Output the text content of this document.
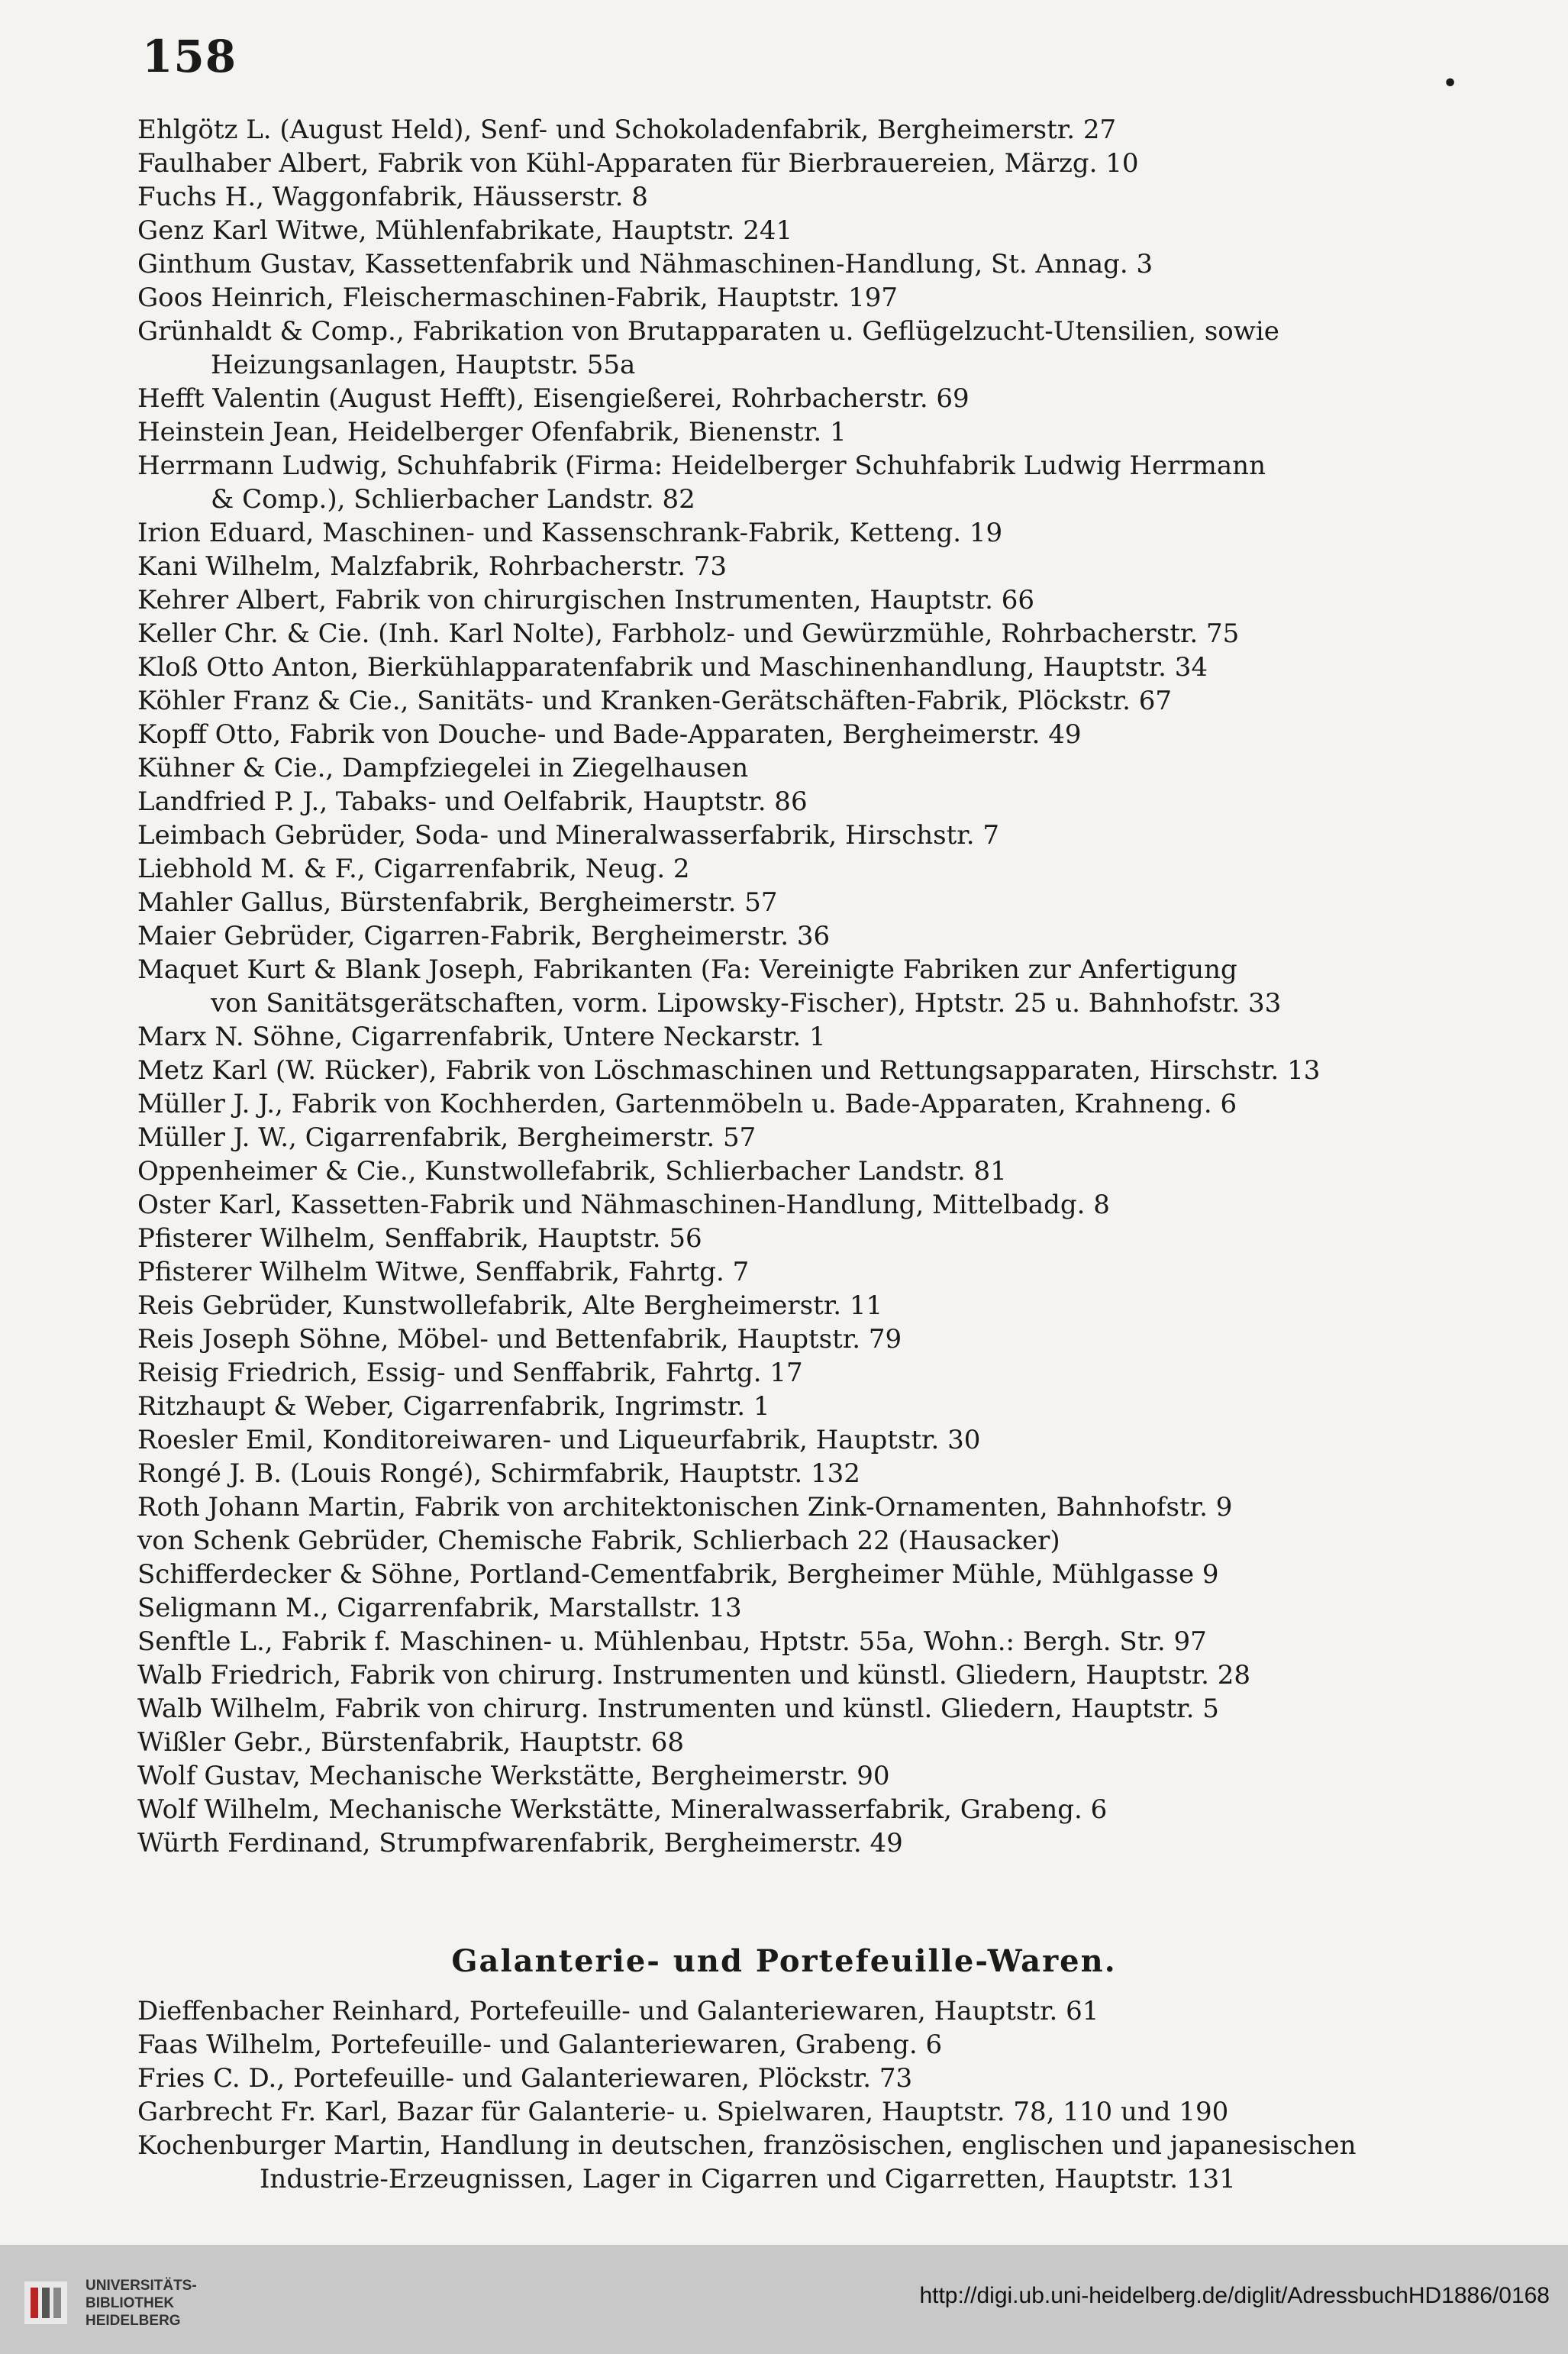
158
•
Ehlgötz L. (August Held), Senf- und Schokoladenfabrik, Bergheimerstr. 27
Faulhaber Albert, Fabrik von Kühl-Apparaten für Bierbrauereien, Märzg. 10
Fuchs H., Waggonfabrik, Häusserstr. 8
Genz Karl Witwe, Mühlenfabrikate, Hauptstr. 241
Ginthum Gustav, Kassettenfabrik und Nähmaschinen-Handlung, St. Annag. 3
Goos Heinrich, Fleischermaschinen-Fabrik, Hauptstr. 197
Grünhaldt & Comp., Fabrikation von Brutapparaten u. Geflügelzucht-Utensilien, sowie
Heizungsanlagen, Hauptstr. 55a
Hefft Valentin (August Hefft), Eisengießerei, Rohrbacherstr. 69
Heinstein Jean, Heidelberger Ofenfabrik, Bienenstr. 1
Herrmann Ludwig, Schuhfabrik (Firma: Heidelberger Schuhfabrik Ludwig Herrmann
& Comp.), Schlierbacher Landstr. 82
Irion Eduard, Maschinen- und Kassenschrank-Fabrik, Ketteng. 19
Kani Wilhelm, Malzfabrik, Rohrbacherstr. 73
Kehrer Albert, Fabrik von chirurgischen Instrumenten, Hauptstr. 66
Keller Chr. & Cie. (Inh. Karl Nolte), Farbholz- und Gewürzmühle, Rohrbacherstr. 75
Kloß Otto Anton, Bierkühlapparatenfabrik und Maschinenhandlung, Hauptstr. 34
Köhler Franz & Cie., Sanitäts- und Kranken-Gerätschäften-Fabrik, Plöckstr. 67
Kopff Otto, Fabrik von Douche- und Bade-Apparaten, Bergheimerstr. 49
Kühner & Cie., Dampfziegelei in Ziegelhausen
Landfried P. J., Tabaks- und Oelfabrik, Hauptstr. 86
Leimbach Gebrüder, Soda- und Mineralwasserfabrik, Hirschstr. 7
Liebhold M. & F., Cigarrenfabrik, Neug. 2
Mahler Gallus, Bürstenfabrik, Bergheimerstr. 57
Maier Gebrüder, Cigarren-Fabrik, Bergheimerstr. 36
Maquet Kurt & Blank Joseph, Fabrikanten (Fa: Vereinigte Fabriken zur Anfertigung
von Sanitätsgerätschaften, vorm. Lipowsky-Fischer), Hptstr. 25 u. Bahnhofstr. 33
Marx N. Söhne, Cigarrenfabrik, Untere Neckarstr. 1
Metz Karl (W. Rücker), Fabrik von Löschmaschinen und Rettungsapparaten, Hirschstr. 13
Müller J. J., Fabrik von Kochherden, Gartenmöbeln u. Bade-Apparaten, Krahneng. 6
Müller J. W., Cigarrenfabrik, Bergheimerstr. 57
Oppenheimer & Cie., Kunstwollefabrik, Schlierbacher Landstr. 81
Oster Karl, Kassetten-Fabrik und Nähmaschinen-Handlung, Mittelbadg. 8
Pfisterer Wilhelm, Senffabrik, Hauptstr. 56
Pfisterer Wilhelm Witwe, Senffabrik, Fahrtg. 7
Reis Gebrüder, Kunstwollefabrik, Alte Bergheimerstr. 11
Reis Joseph Söhne, Möbel- und Bettenfabrik, Hauptstr. 79
Reisig Friedrich, Essig- und Senffabrik, Fahrtg. 17
Ritzhaupt & Weber, Cigarrenfabrik, Ingrimstr. 1
Roesler Emil, Konditoreiwaren- und Liqueurfabrik, Hauptstr. 30
Rongé J. B. (Louis Rongé), Schirmfabrik, Hauptstr. 132
Roth Johann Martin, Fabrik von architektonischen Zink-Ornamenten, Bahnhofstr. 9
von Schenk Gebrüder, Chemische Fabrik, Schlierbach 22 (Hausacker)
Schifferdecker & Söhne, Portland-Cementfabrik, Bergheimer Mühle, Mühlgasse 9
Seligmann M., Cigarrenfabrik, Marstallstr. 13
Senftle L., Fabrik f. Maschinen- u. Mühlenbau, Hptstr. 55a, Wohn.: Bergh. Str. 97
Walb Friedrich, Fabrik von chirurg. Instrumenten und künstl. Gliedern, Hauptstr. 28
Walb Wilhelm, Fabrik von chirurg. Instrumenten und künstl. Gliedern, Hauptstr. 5
Wißler Gebr., Bürstenfabrik, Hauptstr. 68
Wolf Gustav, Mechanische Werkstätte, Bergheimerstr. 90
Wolf Wilhelm, Mechanische Werkstätte, Mineralwasserfabrik, Grabeng. 6
Würth Ferdinand, Strumpfwarenfabrik, Bergheimerstr. 49
Galanterie- und Portefeuille-Waren.
Dieffenbacher Reinhard, Portefeuille- und Galanteriewaren, Hauptstr. 61
Faas Wilhelm, Portefeuille- und Galanteriewaren, Grabeng. 6
Fries C. D., Portefeuille- und Galanteriewaren, Plöckstr. 73
Garbrecht Fr. Karl, Bazar für Galanterie- u. Spielwaren, Hauptstr. 78, 110 und 190
Kochenburger Martin, Handlung in deutschen, französischen, englischen und japanesischen
Industrie-Erzeugnissen, Lager in Cigarren und Cigarretten, Hauptstr. 131
UNIVERSITÄTS-
BIBLIOTHEK
HEIDELBERG
http://digi.ub.uni-heidelberg.de/diglit/AdressbuchHD1886/0168
